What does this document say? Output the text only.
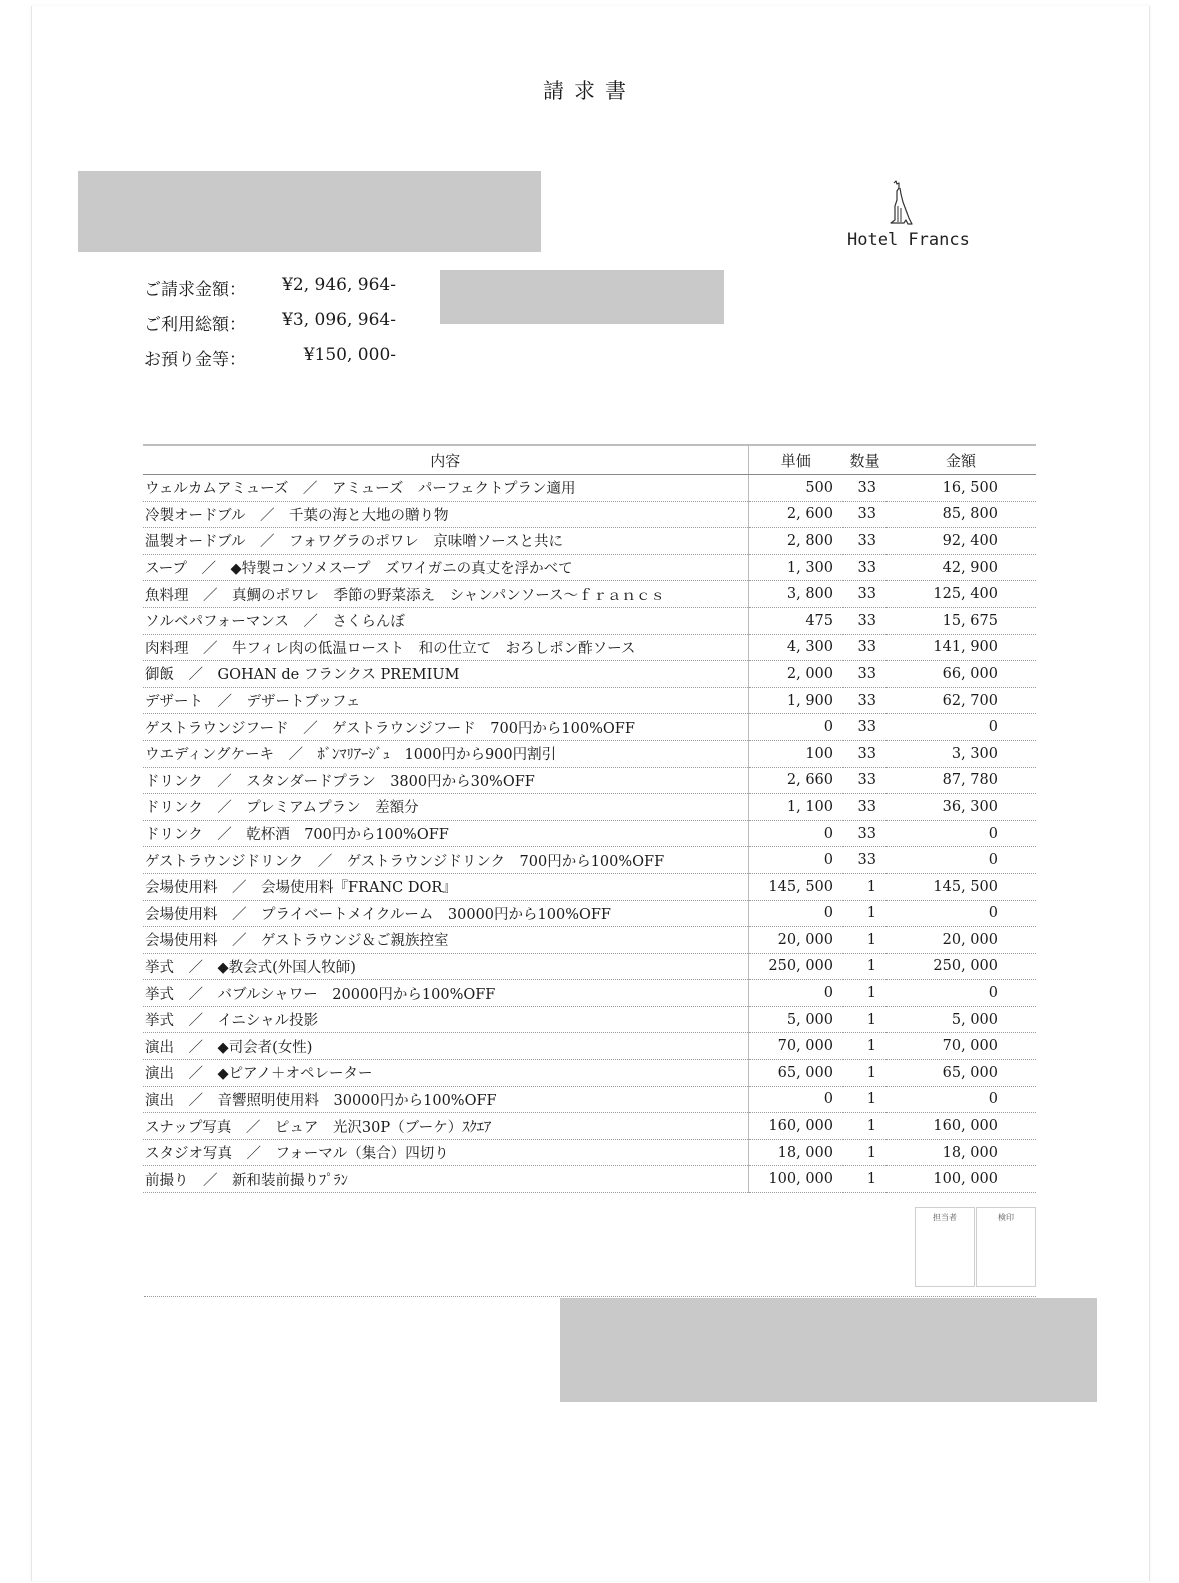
請求書
Hotel Francs
ご請求金額： ¥2, 946, 964-
ご利用総額： ¥3, 096, 964-
お預り金等：	¥150, 000-
内容	単価	数量	金額
ウェルカムアミューズ　／　アミューズ　パーフェクトプラン適用	500	33	16, 500
冷製オードブル　／　千葉の海と大地の贈り物	2, 600	33	85, 800
温製オードブル　／　フォワグラのポワレ　京味噌ソースと共に	2, 800	33	92, 400
スープ　／　◆特製コンソメスープ　ズワイガニの真丈を浮かべて	1, 300	33	42, 900
魚料理　／　真鯛のポワレ　季節の野菜添え　シャンパンソース～ｆｒａｎｃｓ	3, 800	33	125, 400
ソルベパフォーマンス　／　さくらんぼ	475	33	15, 675
肉料理　／　牛フィレ肉の低温ロースト　和の仕立て　おろしポン酢ソース	4, 300	33	141, 900
御飯　／　GOHAN de フランクス PREMIUM	2, 000	33	66, 000
デザート　／　デザートブッフェ	1, 900	33	62, 700
ゲストラウンジフード　／　ゲストラウンジフード　700円から100%OFF	0	33	0
ウエディングケーキ　／　ﾎﾞﾝﾏﾘｱｰｼﾞｭ　1000円から900円割引	100	33	3, 300
ドリンク　／　スタンダードプラン　3800円から30%OFF	2, 660	33	87, 780
ドリンク　／　プレミアムプラン　差額分	1, 100	33	36, 300
ドリンク　／　乾杯酒　700円から100%OFF	0	33	0
ゲストラウンジドリンク　／　ゲストラウンジドリンク　700円から100%OFF	0	33	0
会場使用料　／　会場使用料『FRANC DOR』	145, 500	1	145, 500
会場使用料　／　プライベートメイクルーム　30000円から100%OFF	0	1	0
会場使用料　／　ゲストラウンジ＆ご親族控室	20, 000	1	20, 000
挙式　／　◆教会式(外国人牧師)	250, 000	1	250, 000
挙式　／　バブルシャワー　20000円から100%OFF	0	1	0
挙式　／　イニシャル投影	5, 000	1	5, 000
演出　／　◆司会者(女性)	70, 000	1	70, 000
演出　／　◆ピアノ＋オペレーター	65, 000	1	65, 000
演出　／　音響照明使用料　30000円から100%OFF	0	1	0
スナップ写真　／　ピュア　光沢30P（ブーケ）ｽｸｴｱ	160, 000	1	160, 000
スタジオ写真　／　フォーマル（集合）四切り	18, 000	1	18, 000
前撮り　／　新和装前撮りﾌﾟﾗﾝ	100, 000	1	100, 000
担当者	検印
